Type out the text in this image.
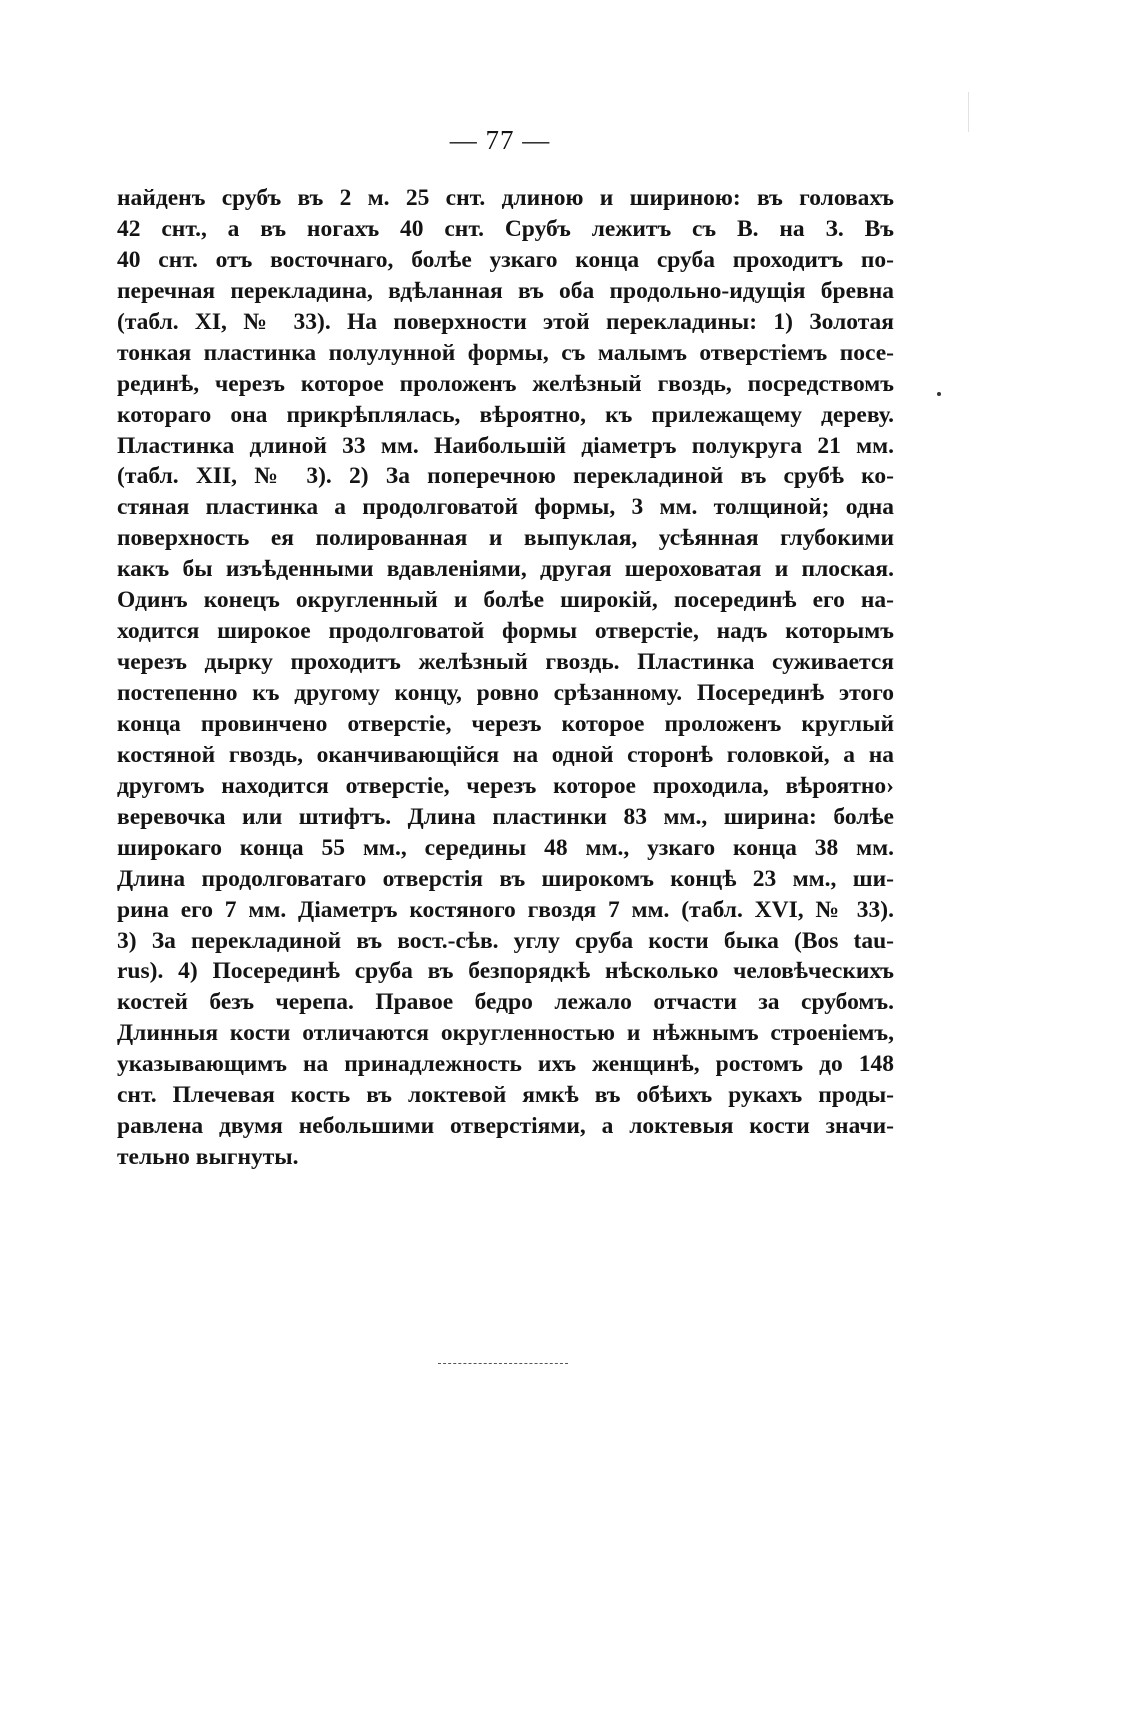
— 77 —
найденъ срубъ въ 2 м. 25 снт. длиною и шириною: въ головахъ
42 снт., а въ ногахъ 40 снт. Срубъ лежитъ съ В. на З. Въ
40 снт. отъ восточнаго, болѣе узкаго конца сруба проходитъ по-
перечная перекладина, вдѣланная въ оба продольно-идущія бревна
(табл. XI, № 33). На поверхности этой перекладины: 1) Золотая
тонкая пластинка полулунной формы, съ малымъ отверстіемъ посе-
рединѣ, черезъ которое проложенъ желѣзный гвоздь, посредствомъ
котораго она прикрѣплялась, вѣроятно, къ прилежащему дереву.
Пластинка длиной 33 мм. Наибольшій діаметръ полукруга 21 мм.
(табл. XII, № 3). 2) За поперечною перекладиной въ срубѣ ко-
стяная пластинка а продолговатой формы, 3 мм. толщиной; одна
поверхность ея полированная и выпуклая, усѣянная глубокими
какъ бы изъѣденными вдавленіями, другая шероховатая и плоская.
Одинъ конецъ округленный и болѣе широкій, посерединѣ его на-
ходится широкое продолговатой формы отверстіе, надъ которымъ
черезъ дырку проходитъ желѣзный гвоздь. Пластинка суживается
постепенно къ другому концу, ровно срѣзанному. Посерединѣ этого
конца провинчено отверстіе, черезъ которое проложенъ круглый
костяной гвоздь, оканчивающійся на одной сторонѣ головкой, а на
другомъ находится отверстіе, черезъ которое проходила, вѣроятно›
веревочка или штифтъ. Длина пластинки 83 мм., ширина: болѣе
широкаго конца 55 мм., середины 48 мм., узкаго конца 38 мм.
Длина продолговатаго отверстія въ широкомъ концѣ 23 мм., ши-
рина его 7 мм. Діаметръ костяного гвоздя 7 мм. (табл. XVI, № 33).
3) За перекладиной въ вост.-сѣв. углу сруба кости быка (Bos tau-
rus). 4) Посерединѣ сруба въ безпорядкѣ нѣсколько человѣческихъ
костей безъ черепа. Правое бедро лежало отчасти за срубомъ.
Длинныя кости отличаются округленностью и нѣжнымъ строеніемъ,
указывающимъ на принадлежность ихъ женщинѣ, ростомъ до 148
снт. Плечевая кость въ локтевой ямкѣ въ обѣихъ рукахъ проды-
равлена двумя небольшими отверстіями, а локтевыя кости значи-
тельно выгнуты.
